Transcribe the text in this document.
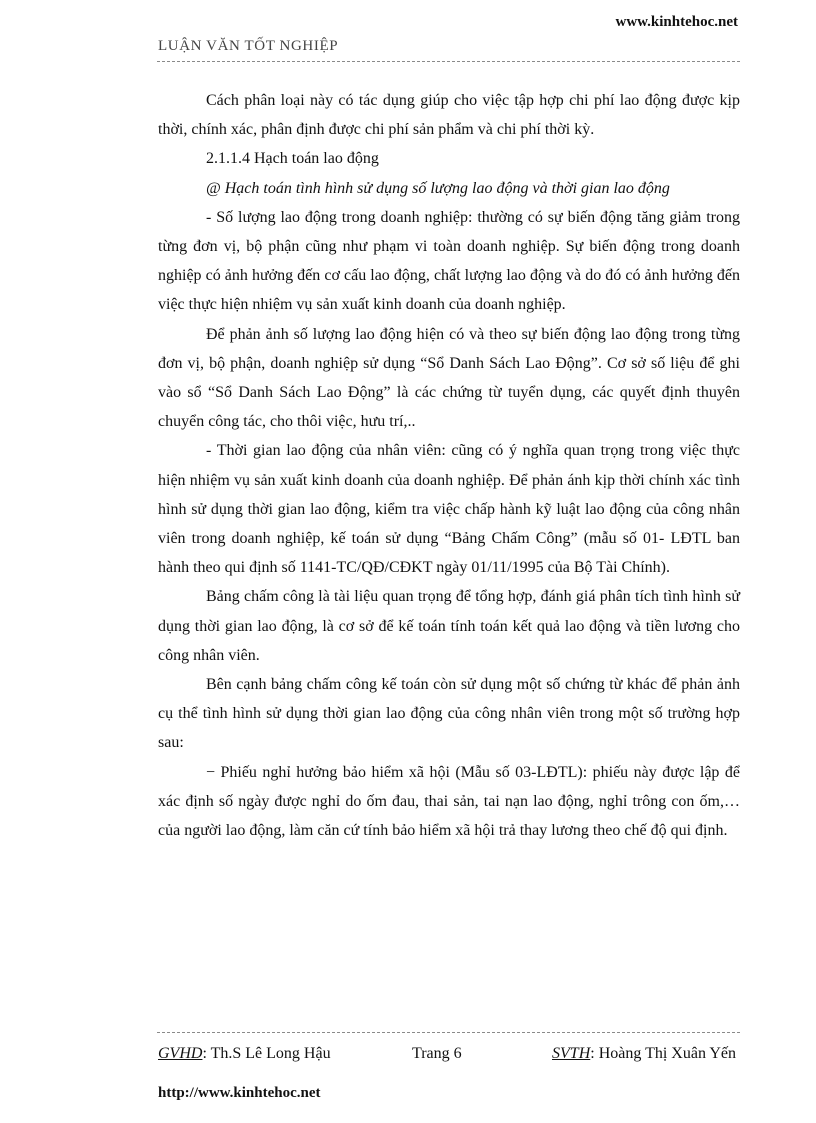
www.kinhtehoc.net
LUẬN VĂN TỐT NGHIỆP

Cách phân loại này có tác dụng giúp cho việc tập hợp chi phí lao động được kịp thời, chính xác, phân định được chi phí sản phẩm và chi phí thời kỳ.

2.1.1.4 Hạch toán lao động

@ Hạch toán tình hình sử dụng số lượng lao động và thời gian lao động

- Số lượng lao động trong doanh nghiệp: thường có sự biến động tăng giảm trong từng đơn vị, bộ phận cũng như phạm vi toàn doanh nghiệp. Sự biến động trong doanh nghiệp có ảnh hưởng đến cơ cấu lao động, chất lượng lao động và do đó có ảnh hưởng đến việc thực hiện nhiệm vụ sản xuất kinh doanh của doanh nghiệp.

Để phản ảnh số lượng lao động hiện có và theo sự biến động lao động trong từng đơn vị, bộ phận, doanh nghiệp sử dụng “Sổ Danh Sách Lao Động”. Cơ sở số liệu để ghi vào sổ “Sổ Danh Sách Lao Động” là các chứng từ tuyển dụng, các quyết định thuyên chuyển công tác, cho thôi việc, hưu trí,..

- Thời gian lao động của nhân viên: cũng có ý nghĩa quan trọng trong việc thực hiện nhiệm vụ sản xuất kinh doanh của doanh nghiệp. Để phản ánh kịp thời chính xác tình hình sử dụng thời gian lao động, kiểm tra việc chấp hành kỹ luật lao động của công nhân viên trong doanh nghiệp, kế toán sử dụng “Bảng Chấm Công” (mẫu số 01- LĐTL ban hành theo qui định số 1141-TC/QĐ/CĐKT ngày 01/11/1995 của Bộ Tài Chính).

Bảng chấm công là tài liệu quan trọng để tổng hợp, đánh giá phân tích tình hình sử dụng thời gian lao động, là cơ sở để kế toán tính toán kết quả lao động và tiền lương cho công nhân viên.

Bên cạnh bảng chấm công kế toán còn sử dụng một số chứng từ khác để phản ảnh cụ thể tình hình sử dụng thời gian lao động của công nhân viên trong một số trường hợp sau:

− Phiếu nghỉ hưởng bảo hiểm xã hội (Mẫu số 03-LĐTL): phiếu này được lập để xác định số ngày được nghỉ do ốm đau, thai sản, tai nạn lao động, nghỉ trông con ốm,…của người lao động, làm căn cứ tính bảo hiểm xã hội trả thay lương theo chế độ qui định.

GVHD: Th.S Lê Long Hậu	Trang 6	SVTH: Hoàng Thị Xuân Yến
http://www.kinhtehoc.net
